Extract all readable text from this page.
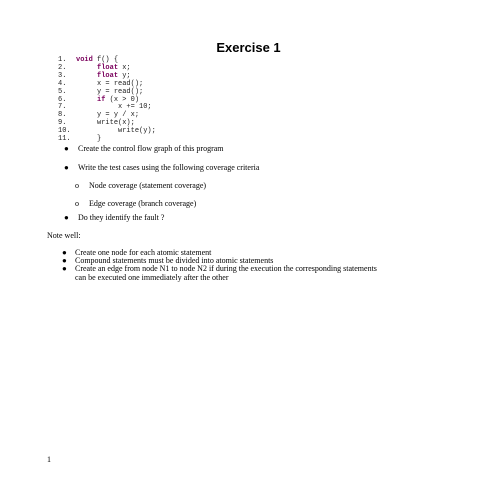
Exercise 1
1. void f() {
2.	float x;
3.	float y;
4.	x = read();
5.	y = read();
6.	if (x > 0)
7.	x += 10;
8.	y = y / x;
9.	write(x);
10.	write(y);
11.	}
● Create the control flow graph of this program
● Write the test cases using the following coverage criteria
o Node coverage (statement coverage)
o Edge coverage (branch coverage)
● Do they identify the fault ?
Note well:
● Create one node for each atomic statement
● Compound statements must be divided into atomic statements
● Create an edge from node N1 to node N2 if during the execution the corresponding statements
can be executed one immediately after the other
1
